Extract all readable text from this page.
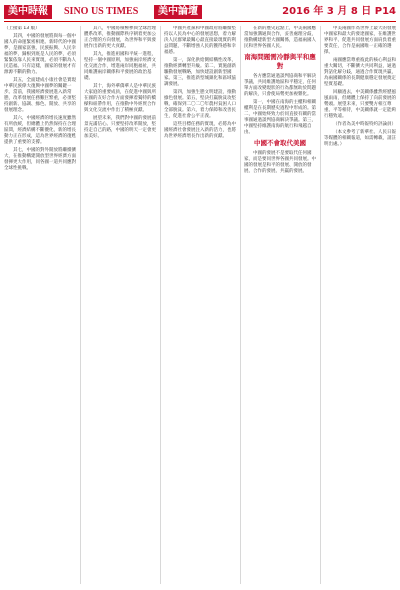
美中時報	SINO US TIMES	美中論壇	2016 年 3 月 8 日 P14

（上接第 13 版）

其四，中國的發展將與每一個中國人的命運緊密相連。新時代的中國夢，是國家富強、民族振興、人民幸福的夢，歸根到底是人民的夢，必須緊緊依靠人民來實現，必須不斷為人民造福。只有這樣，國家的發展才有源源不斷的動力。

其五，全面建成小康社會是實現中華民族偉大復興中國夢的關鍵一步。當前，我國經濟發展進入新常態，改革發展任務艱巨繁重，必須堅持創新、協調、綠色、開放、共享的發展理念。

其六，中國經濟的增長速度雖然有所放緩，但總體上仍然保持在合理區間，經濟結構不斷優化，新的增長動力正在形成，這為世界經濟的復甦提供了重要的支撐。

其七，中國的對外開放將繼續擴大，在推動構建開放型世界經濟方面發揮更大作用，同各國一道共同應對全球性挑戰。

其八，中國將積極參與全球治理體系改革，推動國際秩序朝着更加公正合理的方向發展，為世界和平與發展作出新的更大貢獻。

其九，推進祖國和平統一進程，堅持一個中國原則，加強兩岸經濟文化交流合作，增進兩岸同胞福祉，共同維護兩岸關係和平發展的政治基礎。

其十，海外華僑華人是中華民族大家庭的重要成員，在促進中國與所在國的友好合作方面發揮着獨特的橋樑和紐帶作用，在推動中外經貿合作與文化交流中作出了積極貢獻。

展望未來，我們對中國的發展前景充滿信心。只要堅持改革開放，堅持走自己的路，中國的明天一定會更加美好。

中國共產黨和中國政府將繼續堅持以人民為中心的發展思想，着力解決人民群眾最關心最直接最現實的利益問題，不斷增強人民的獲得感和幸福感。

第一，深化供給側結構性改革，推動經濟轉型升級。第二，實施創新驅動發展戰略，加快建設創新型國家。第三，推進新型城鎮化和區域協調發展。

第四，加強生態文明建設，推動綠色發展。第五，堅決打贏脫貧攻堅戰，確保到二〇二〇年農村貧困人口全部脫貧。第六，着力保障和改善民生，促進社會公平正義。

這些目標任務的實現，必將為中國經濟社會發展注入新的活力，也將為世界經濟增長作出新的貢獻。

在新的歷史起點上，中美兩國應當加強溝通與合作，妥善處理分歧，推動構建新型大國關係，造福兩國人民和世界各國人民。

南海問題需冷靜與平和應對

各方應當通過談判協商和平解決爭議，共同維護地區和平穩定，任何單方面改變現狀的行為都無助於問題的解決，只會使局勢更加複雜化。

第一，中國在南海的主權和相關權利是在長期歷史過程中形成的。第二，中國始終致力於同直接有關的當事國通過談判協商解決爭議。第三，中國堅持維護南海的航行和飛越自由。

中國不會取代美國

中國的發展不是要取代任何國家，而是要同世界各國共同發展。中國的發展是和平的發展、開放的發展、合作的發展、共贏的發展。

中美兩國作為世界上最大的發展中國家和最大的發達國家，在維護世界和平、促進共同發展方面肩負着重要責任，合作是兩國唯一正確的選擇。

兩國應當尊重彼此的核心利益和重大關切，不斷擴大共同利益，通過對話化解分歧，通過合作實現共贏，為兩國關係的長期健康穩定發展奠定堅實基礎。

回顧過去，中美關係雖然經歷風風雨雨，但總體上保持了向前發展的勢頭。展望未來，只要雙方相互尊重、平等相待，中美關係就一定能夠行穩致遠。

（作者為美中時報特約評論員）

（本文參考了新華社、人民日報等媒體的相關報道，如需轉載，請註明出處。）
